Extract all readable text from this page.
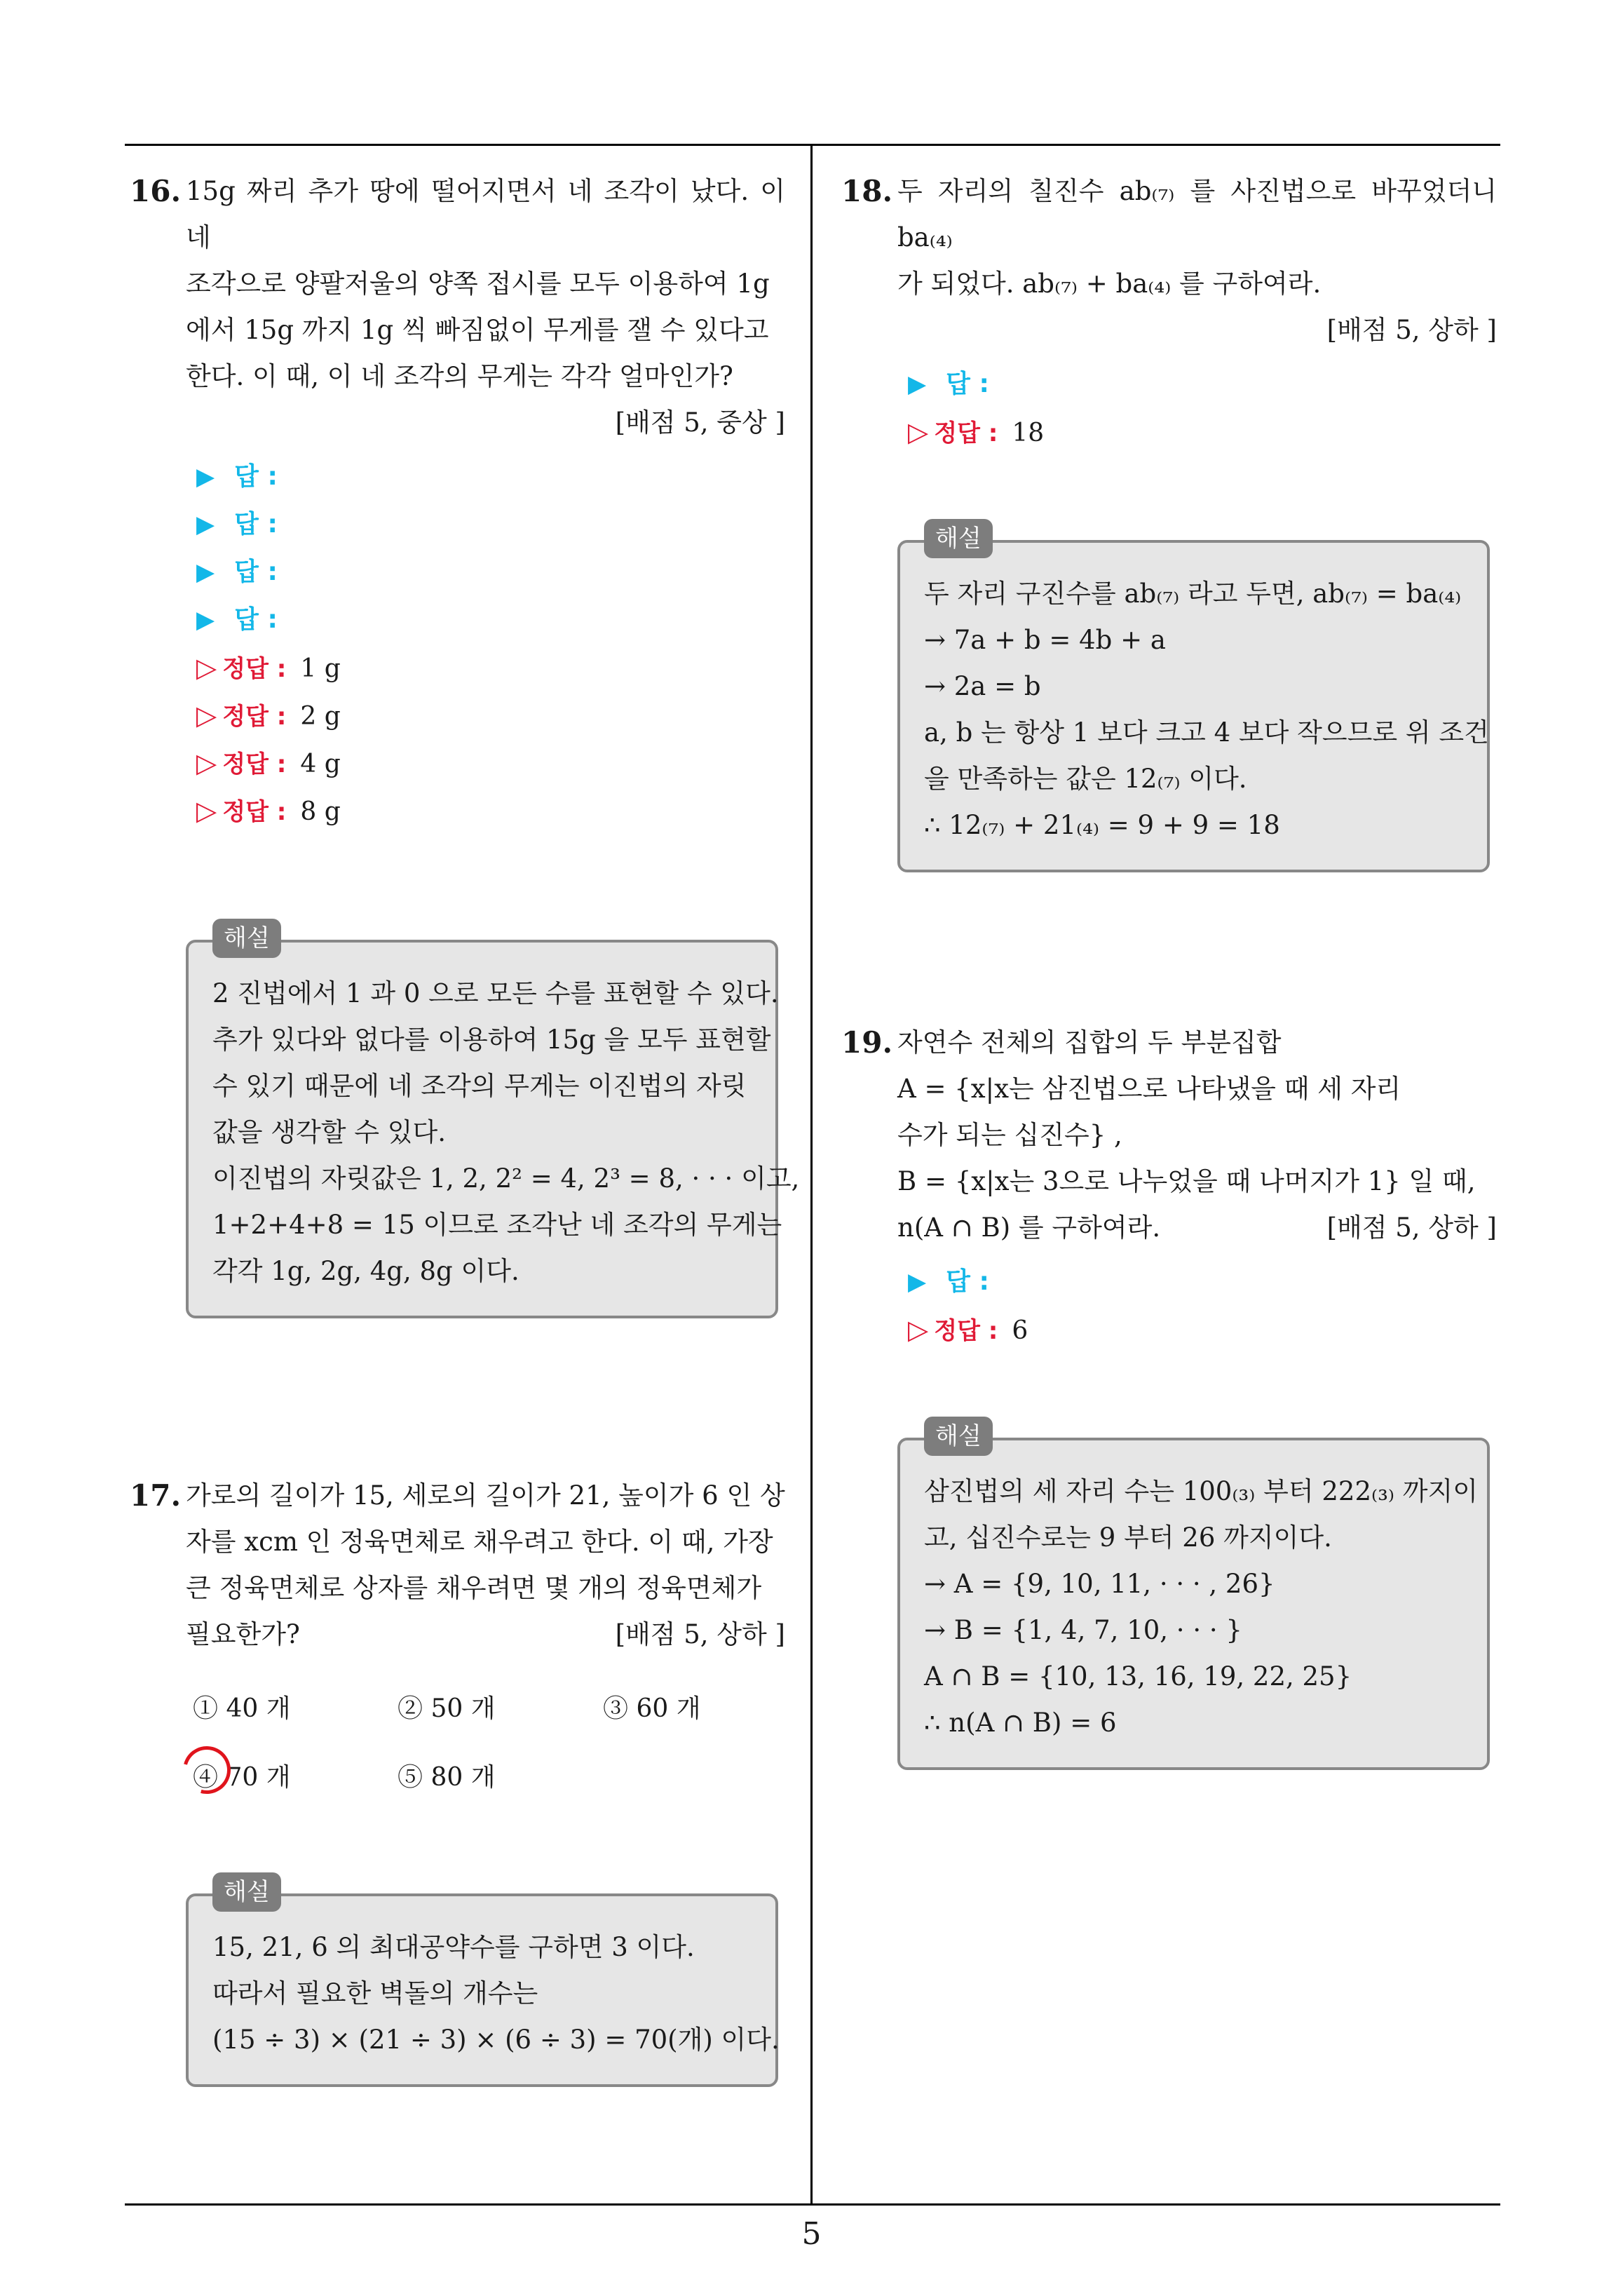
16. 15g 짜리 추가 땅에 떨어지면서 네 조각이 났다. 이 네
조각으로 양팔저울의 양쪽 접시를 모두 이용하여 1g
에서 15g 까지 1g 씩 빠짐없이 무게를 잴 수 있다고
한다. 이 때, 이 네 조각의 무게는 각각 얼마인가?
[배점 5, 중상 ]
▶ 답 :
▶ 답 :
▶ 답 :
▶ 답 :
▷ 정답 : 1 g
▷ 정답 : 2 g
▷ 정답 : 4 g
▷ 정답 : 8 g
해설
2 진법에서 1 과 0 으로 모든 수를 표현할 수 있다.
추가 있다와 없다를 이용하여 15g 을 모두 표현할
수 있기 때문에 네 조각의 무게는 이진법의 자릿
값을 생각할 수 있다.
이진법의 자릿값은 1, 2, 2² = 4, 2³ = 8, · · · 이고,
1+2+4+8 = 15 이므로 조각난 네 조각의 무게는
각각 1g, 2g, 4g, 8g 이다.
17. 가로의 길이가 15, 세로의 길이가 21, 높이가 6 인 상
자를 xcm 인 정육면체로 채우려고 한다. 이 때, 가장
큰 정육면체로 상자를 채우려면 몇 개의 정육면체가
필요한가?	[배점 5, 상하 ]
① 40 개	② 50 개	③ 60 개
④ 70 개	⑤ 80 개
해설
15, 21, 6 의 최대공약수를 구하면 3 이다.
따라서 필요한 벽돌의 개수는
(15 ÷ 3) × (21 ÷ 3) × (6 ÷ 3) = 70(개) 이다.
18. 두 자리의 칠진수 ab₍₇₎ 를 사진법으로 바꾸었더니 ba₍₄₎
가 되었다. ab₍₇₎ + ba₍₄₎ 를 구하여라.
[배점 5, 상하 ]
▶ 답 :
▷ 정답 : 18
해설
두 자리 구진수를 ab₍₇₎ 라고 두면, ab₍₇₎ = ba₍₄₎
→ 7a + b = 4b + a
→ 2a = b
a, b 는 항상 1 보다 크고 4 보다 작으므로 위 조건
을 만족하는 값은 12₍₇₎ 이다.
∴ 12₍₇₎ + 21₍₄₎ = 9 + 9 = 18
19. 자연수 전체의 집합의 두 부분집합
A = {x|x는 삼진법으로 나타냈을 때 세 자리
수가 되는 십진수} ,
B = {x|x는 3으로 나누었을 때 나머지가 1} 일 때,
n(A ∩ B) 를 구하여라.	[배점 5, 상하 ]
▶ 답 :
▷ 정답 : 6
해설
삼진법의 세 자리 수는 100₍₃₎ 부터 222₍₃₎ 까지이
고, 십진수로는 9 부터 26 까지이다.
→ A = {9, 10, 11, · · · , 26}
→ B = {1, 4, 7, 10, · · · }
A ∩ B = {10, 13, 16, 19, 22, 25}
∴ n(A ∩ B) = 6
5
